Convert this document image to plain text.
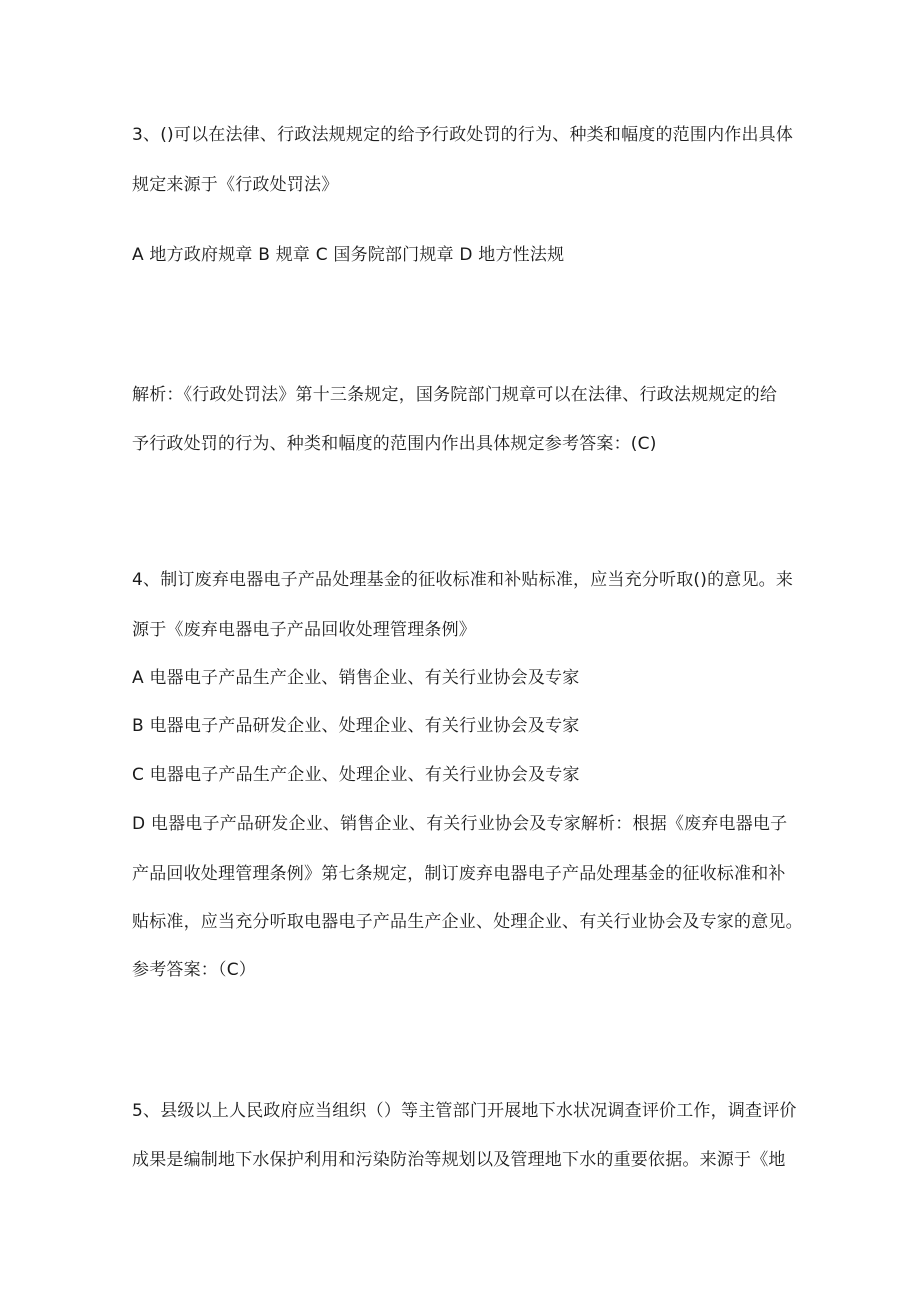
3、()可以在法律、行政法规规定的给予行政处罚的行为、种类和幅度的范围内作出具体
规定来源于《行政处罚法》
A 地方政府规章 B 规章 C 国务院部门规章 D 地方性法规
解析：《行政处罚法》第十三条规定，国务院部门规章可以在法律、行政法规规定的给
予行政处罚的行为、种类和幅度的范围内作出具体规定参考答案：(C)
4、制订废弃电器电子产品处理基金的征收标准和补贴标准，应当充分听取()的意见。来
源于《废弃电器电子产品回收处理管理条例》
A 电器电子产品生产企业、销售企业、有关行业协会及专家
B 电器电子产品研发企业、处理企业、有关行业协会及专家
C 电器电子产品生产企业、处理企业、有关行业协会及专家
D 电器电子产品研发企业、销售企业、有关行业协会及专家解析：根据《废弃电器电子
产品回收处理管理条例》第七条规定，制订废弃电器电子产品处理基金的征收标准和补
贴标准，应当充分听取电器电子产品生产企业、处理企业、有关行业协会及专家的意见。
参考答案：（C）
5、县级以上人民政府应当组织（）等主管部门开展地下水状况调查评价工作，调查评价
成果是编制地下水保护利用和污染防治等规划以及管理地下水的重要依据。来源于《地
